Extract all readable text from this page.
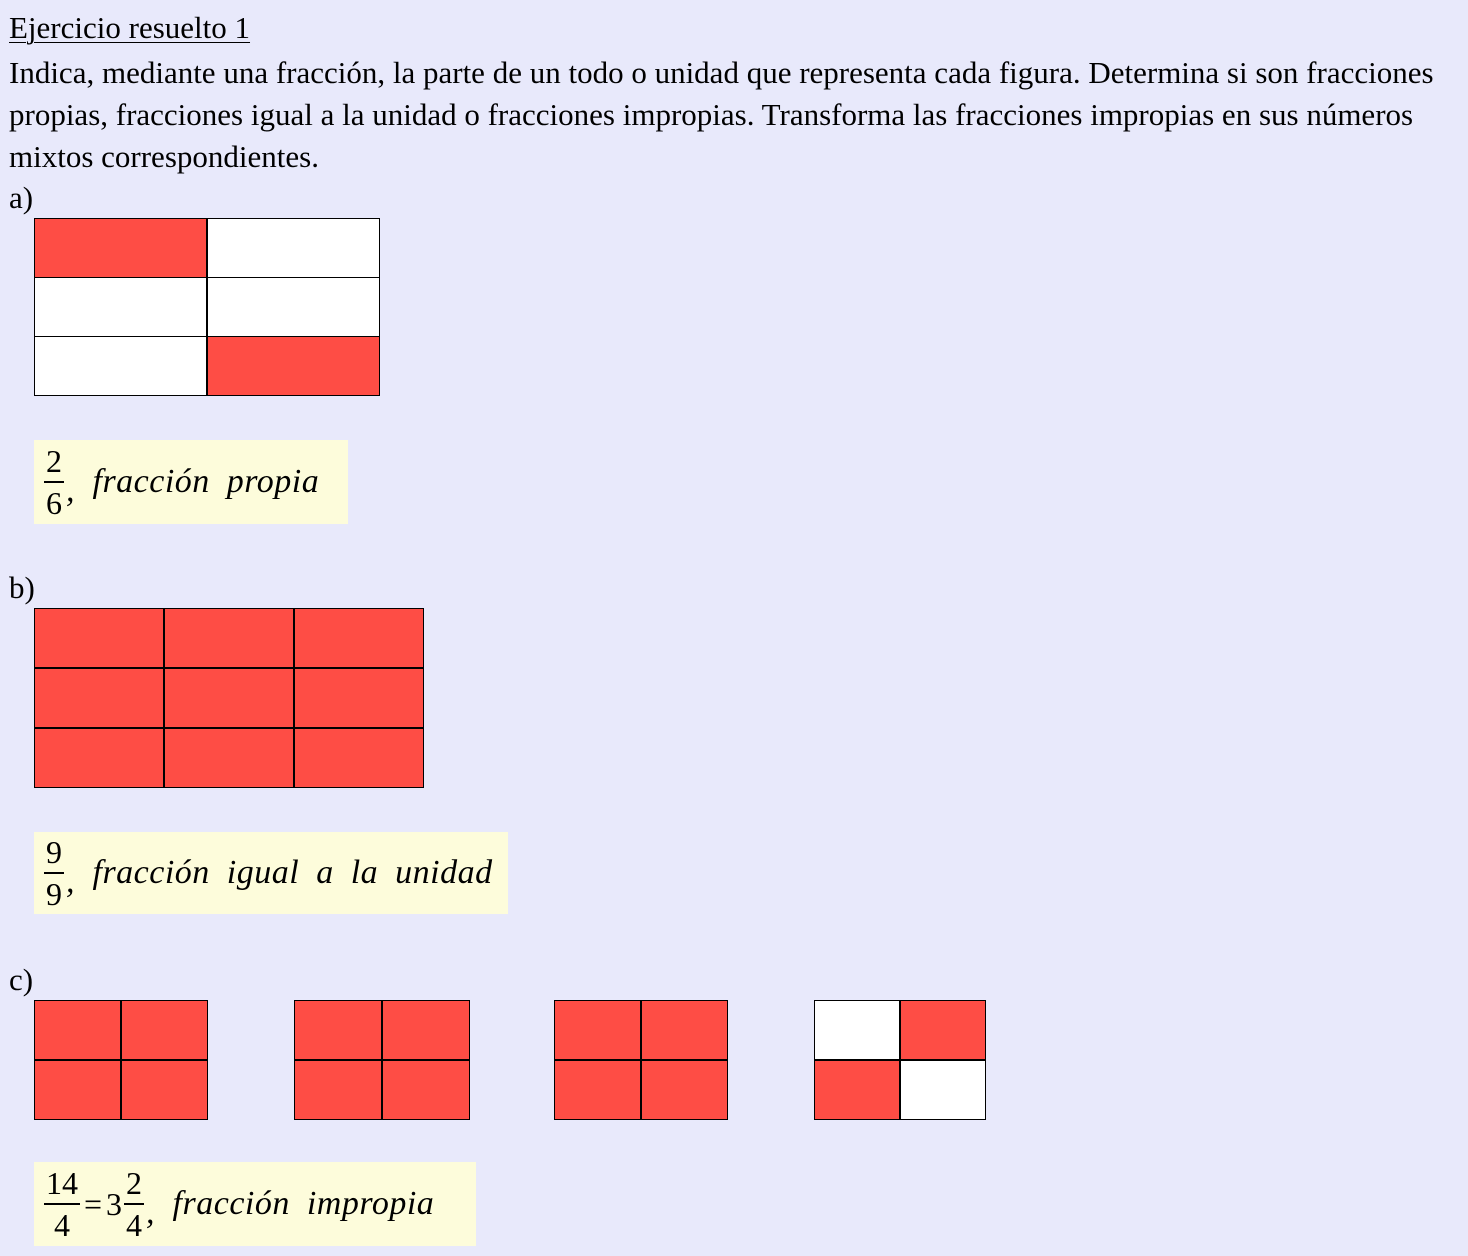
Ejercicio resuelto 1
Indica, mediante una fracción, la parte de un todo o unidad que representa cada figura. Determina si son fracciones propias, fracciones igual a la unidad o fracciones impropias. Transforma las fracciones impropias en sus números mixtos correspondientes.
a)
$\frac{2}{6}$ , fracción propia
b)
$\frac{9}{9}$ , fracción igual a la unidad
c)
$\frac{14}{4} = 3 \frac{2}{4}$ , fracción impropia
